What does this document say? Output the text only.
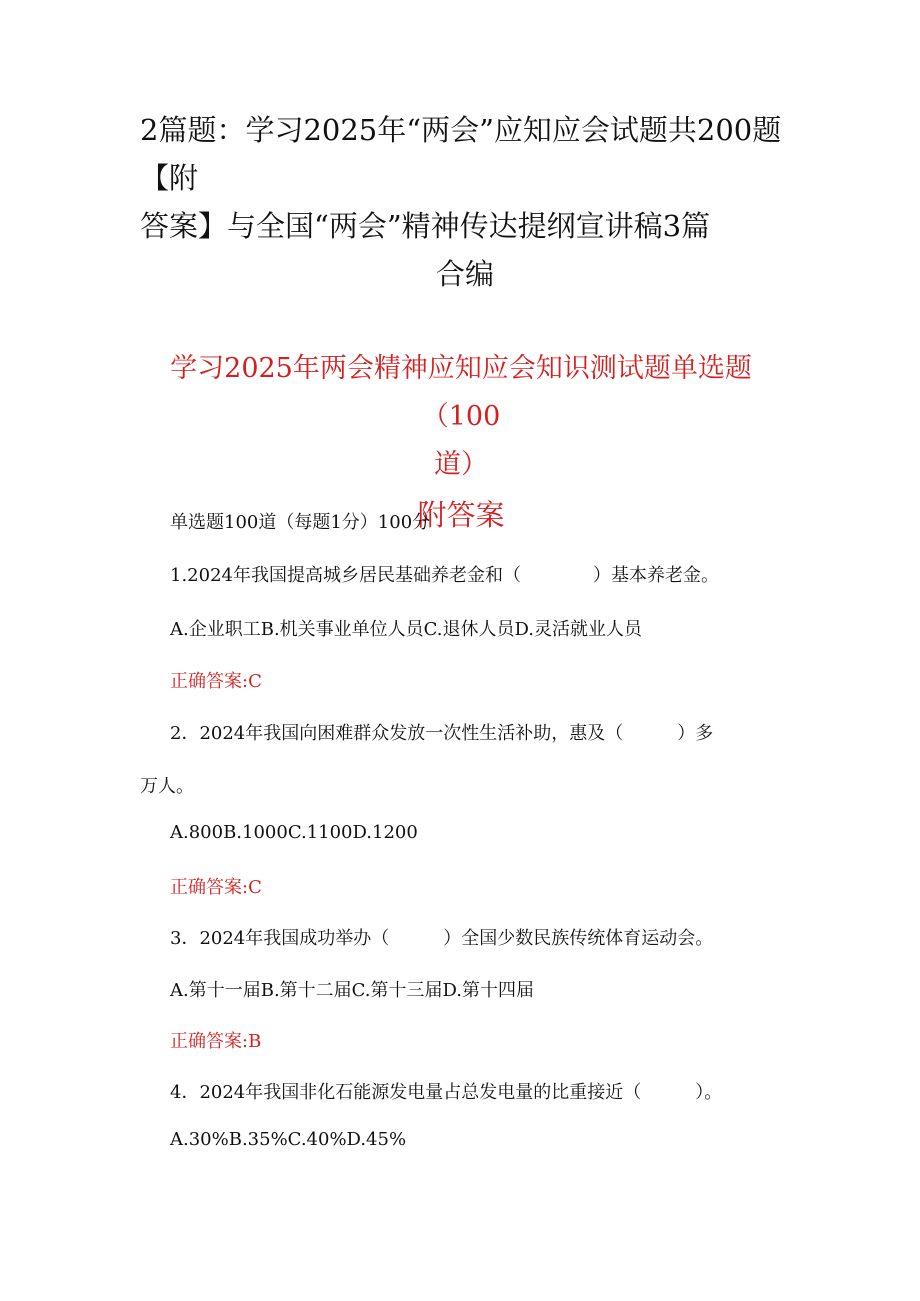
2篇题：学习2025年“两会”应知应会试题共200题【附
答案】与全国“两会”精神传达提纲宣讲稿3篇
合编
学习2025年两会精神应知应会知识测试题单选题（100
道）
附答案
单选题100道（每题1分）100分
1.2024年我国提高城乡居民基础养老金和（　　　　）基本养老金。
A.企业职工B.机关事业单位人员C.退休人员D.灵活就业人员
正确答案:C
2．2024年我国向困难群众发放一次性生活补助，惠及（　　　）多
万人。
A.800B.1000C.1100D.1200
正确答案:C
3．2024年我国成功举办（　　　）全国少数民族传统体育运动会。
A.第十一届B.第十二届C.第十三届D.第十四届
正确答案:B
4．2024年我国非化石能源发电量占总发电量的比重接近（　　　）。
A.30%B.35%C.40%D.45%
